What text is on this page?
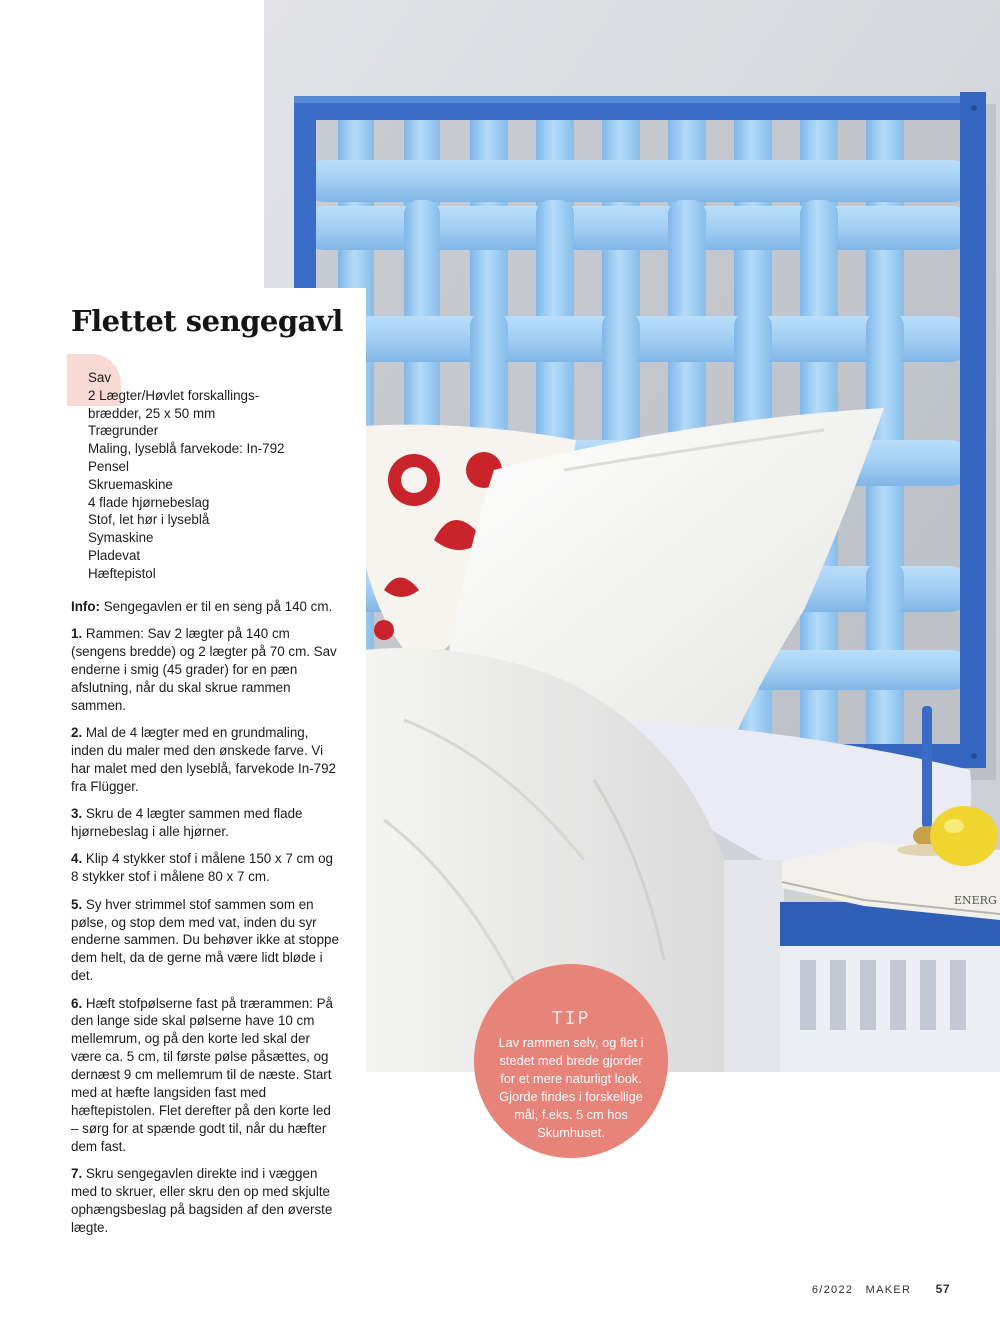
ENERG
Flettet sengegavl
Sav
2 Lægter/Høvlet forskallings-
brædder, 25 x 50 mm
Trægrunder
Maling, lyseblå farvekode: In-792
Pensel
Skruemaskine
4 flade hjørnebeslag
Stof, let hør i lyseblå
Symaskine
Pladevat
Hæftepistol

Info: Sengegavlen er til en seng på 140 cm.

1. Rammen: Sav 2 lægter på 140 cm (sengens bredde) og 2 lægter på 70 cm. Sav enderne i smig (45 grader) for en pæn afslutning, når du skal skrue rammen sammen.

2. Mal de 4 lægter med en grundmaling, inden du maler med den ønskede farve. Vi har malet med den lyseblå, farvekode In-792 fra Flügger.

3. Skru de 4 lægter sammen med flade hjørnebeslag i alle hjørner.

4. Klip 4 stykker stof i målene 150 x 7 cm og 8 stykker stof i målene 80 x 7 cm.

5. Sy hver strimmel stof sammen som en pølse, og stop dem med vat, inden du syr enderne sammen. Du behøver ikke at stoppe dem helt, da de gerne må være lidt bløde i det.

6. Hæft stofpølserne fast på trærammen: På den lange side skal pølserne have 10 cm mellemrum, og på den korte led skal der være ca. 5 cm, til første pølse påsættes, og dernæst 9 cm mellemrum til de næste. Start med at hæfte langsiden fast med hæftepistolen. Flet derefter på den korte led – sørg for at spænde godt til, når du hæfter dem fast.

7. Skru sengegavlen direkte ind i væggen med to skruer, eller skru den op med skjulte ophængsbeslag på bagsiden af den øverste lægte.

TIP
Lav rammen selv, og flet i stedet med brede gjorder for et mere naturligt look. Gjorde findes i forskellige mål, f.eks. 5 cm hos Skumhuset.
6/2022 MAKER 57
